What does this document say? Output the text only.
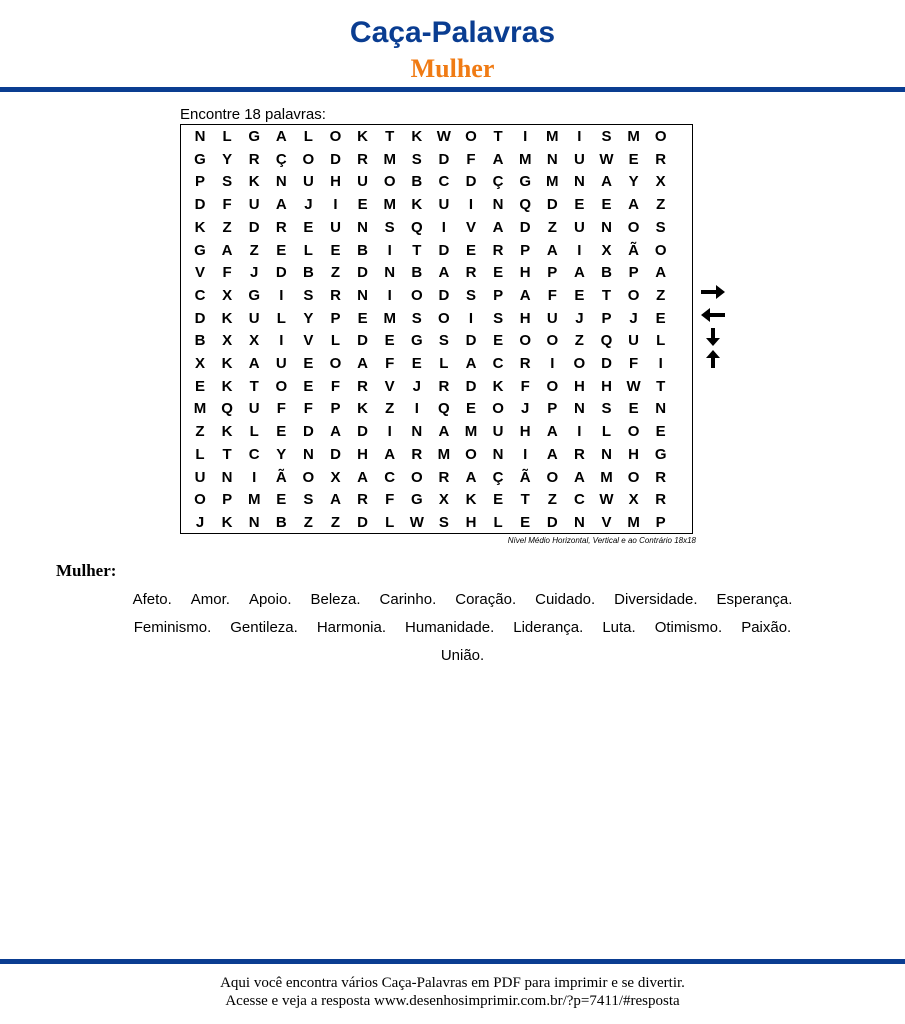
Caça-Palavras
Mulher
Encontre 18 palavras:
N	L	G	A	L	O	K	T	K W O	T	I	M	I	S	M	O
G	Y	R	Ç	O	D	R	M	S	D	F	A	M	N	U W	E	R
P	S	K	N	U	H	U	O	B	C	D	Ç	G	M	N	A	Y	X
D	F	U	A	J	I	E	M	K	U	I	N	Q	D	E	E	A	Z
K	Z	D	R	E	U	N	S	Q	I	V	A	D	Z	U	N	O	S
G	A	Z	E	L	E	B	I	T	D	E	R	P	A	I	X	Ã	O
V	F	J	D	B	Z	D	N	B	A	R	E	H	P	A	B	P	A
C	X	G	I	S	R	N	I	O	D	S	P	A	F	E	T	O	Z
D	K	U	L	Y	P	E	M	S	O	I	S	H	U	J	P	J	E
B	X	X	I	V	L	D	E	G	S	D	E	O	O	Z	Q	U	L
X	K	A	U	E	O	A	F	E	L	A	C	R	I	O	D	F	I
E	K	T	O	E	F	R	V	J	R	D	K	F	O	H	H W	T
M	Q	U	F	F	P	K	Z	I	Q	E	O	J	P	N	S	E	N
Z	K	L	E	D	A	D	I	N	A	M	U	H	A	I	L	O	E
L	T	C	Y	N	D	H	A	R	M	O	N	I	A	R	N	H	G
U	N	I	Ã	O	X	A	C	O	R	A	Ç	Ã	O	A	M	O	R
O	P	M	E	S	A	R	F	G	X	K	E	T	Z	C W	X	R
J	K	N	B	Z	Z	D	L	W	S	H	L	E	D	N	V	M	P
Nível Médio Horizontal, Vertical e ao Contrário 18x18
Mulher:
Afeto. Amor. Apoio. Beleza. Carinho. Coração. Cuidado. Diversidade. Esperança.
Feminismo. Gentileza. Harmonia. Humanidade. Liderança. Luta. Otimismo. Paixão.
União.
Aqui você encontra vários Caça-Palavras em PDF para imprimir e se divertir.
Acesse e veja a resposta www.desenhosimprimir.com.br/?p=7411/#resposta
